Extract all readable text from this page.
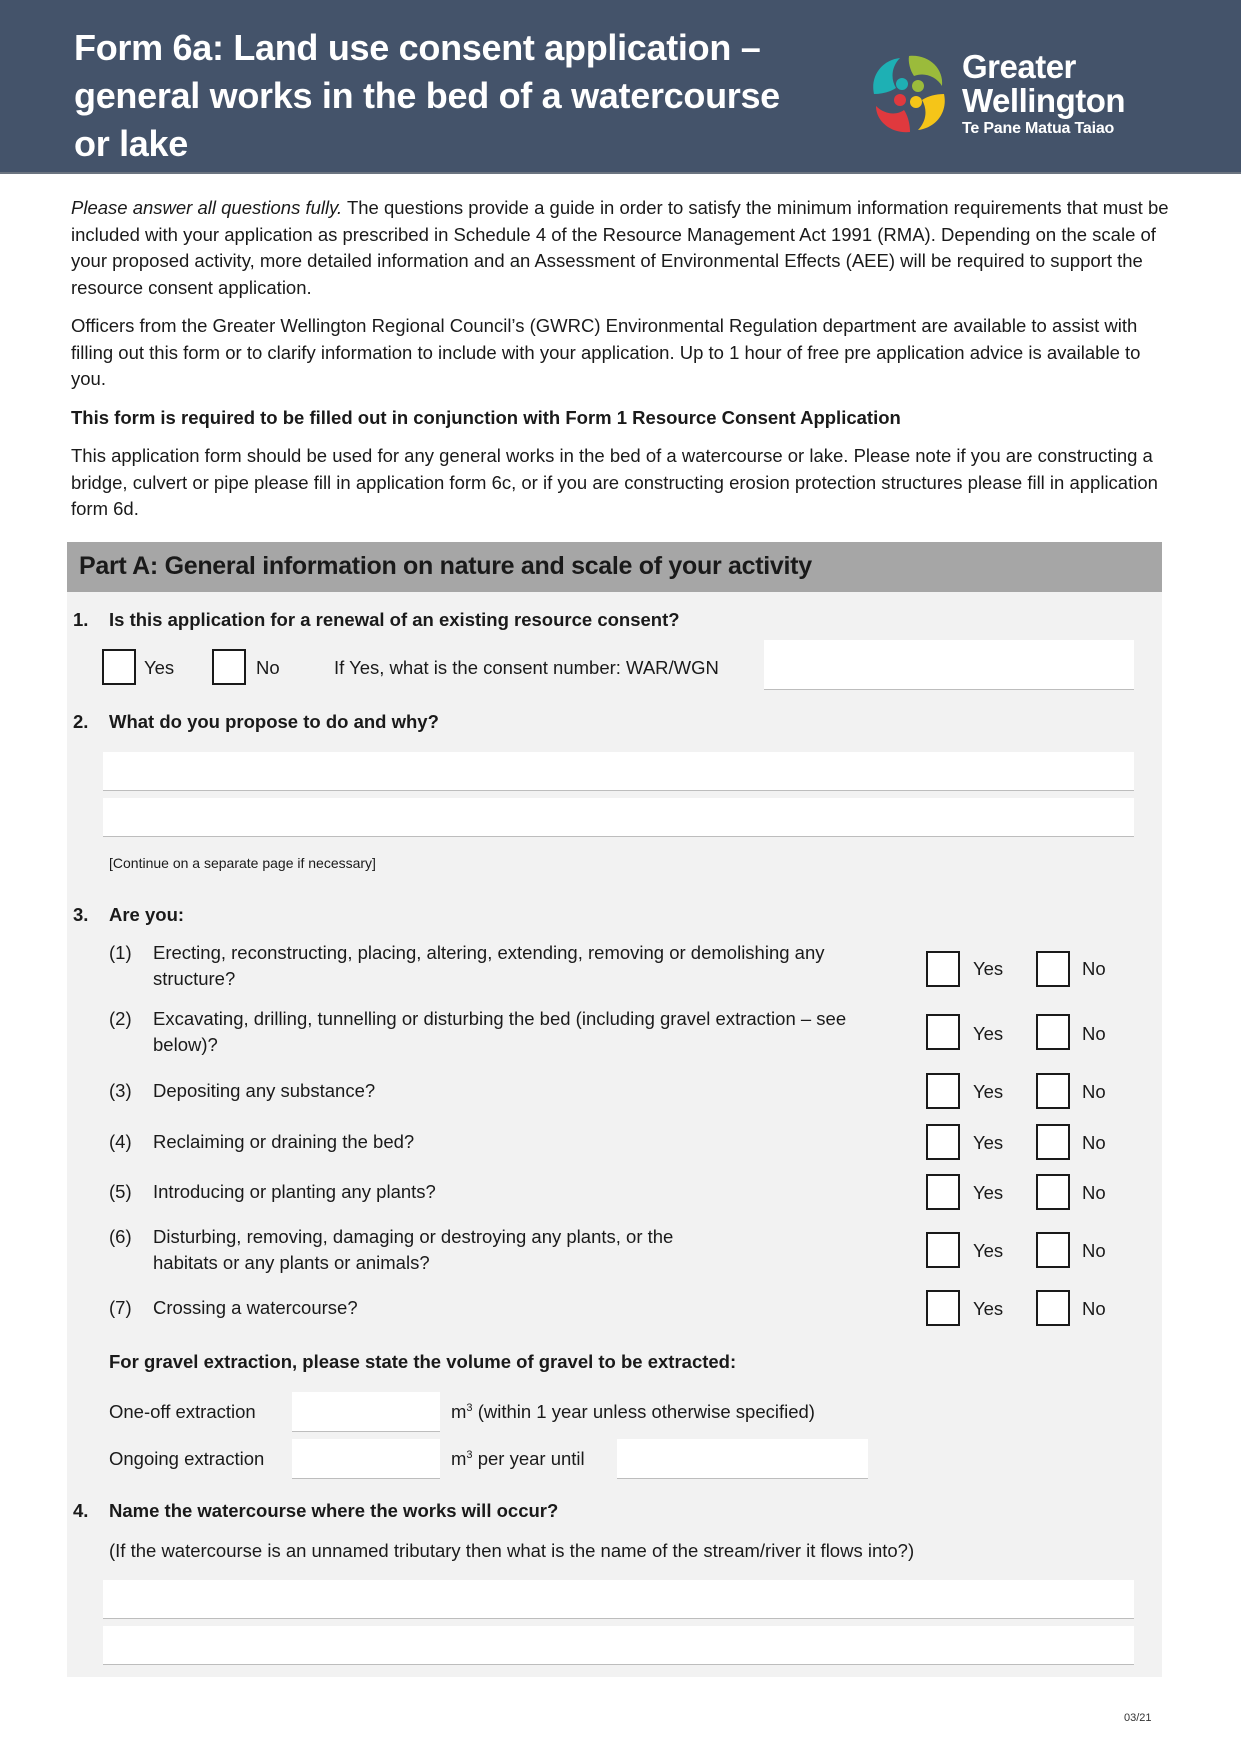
Form 6a: Land use consent application –
general works in the bed of a watercourse
or lake
Greater
Wellington
Te Pane Matua Taiao

Please answer all questions fully. The questions provide a guide in order to satisfy the minimum information requirements that must be included with your application as prescribed in Schedule 4 of the Resource Management Act 1991 (RMA). Depending on the scale of your proposed activity, more detailed information and an Assessment of Environmental Effects (AEE) will be required to support the resource consent application.

Officers from the Greater Wellington Regional Council’s (GWRC) Environmental Regulation department are available to assist with filling out this form or to clarify information to include with your application. Up to 1 hour of free pre application advice is available to you.

This form is required to be filled out in conjunction with Form 1 Resource Consent Application

This application form should be used for any general works in the bed of a watercourse or lake. Please note if you are constructing a bridge, culvert or pipe please fill in application form 6c, or if you are constructing erosion protection structures please fill in application form 6d.

Part A: General information on nature and scale of your activity
1. Is this application for a renewal of an existing resource consent?
Yes	No	If Yes, what is the consent number: WAR/WGN
2. What do you propose to do and why?
[Continue on a separate page if necessary]
3. Are you:
(1) Erecting, reconstructing, placing, altering, extending, removing or demolishing any
structure?	Yes	No
(2) Excavating, drilling, tunnelling or disturbing the bed (including gravel extraction – see
below)?
Yes	No
(3) Depositing any substance?	Yes	No
(4) Reclaiming or draining the bed?	Yes	No
(5) Introducing or planting any plants?	Yes	No
(6) Disturbing, removing, damaging or destroying any plants, or the
habitats or any plants or animals?
Yes	No
(7) Crossing a watercourse?	Yes	No
For gravel extraction, please state the volume of gravel to be extracted:
One-off extraction	$m^3$ (within 1 year unless otherwise specified)
Ongoing extraction	$m^3$ per year until
4. Name the watercourse where the works will occur?
(If the watercourse is an unnamed tributary then what is the name of the stream/river it flows into?)
03/21
